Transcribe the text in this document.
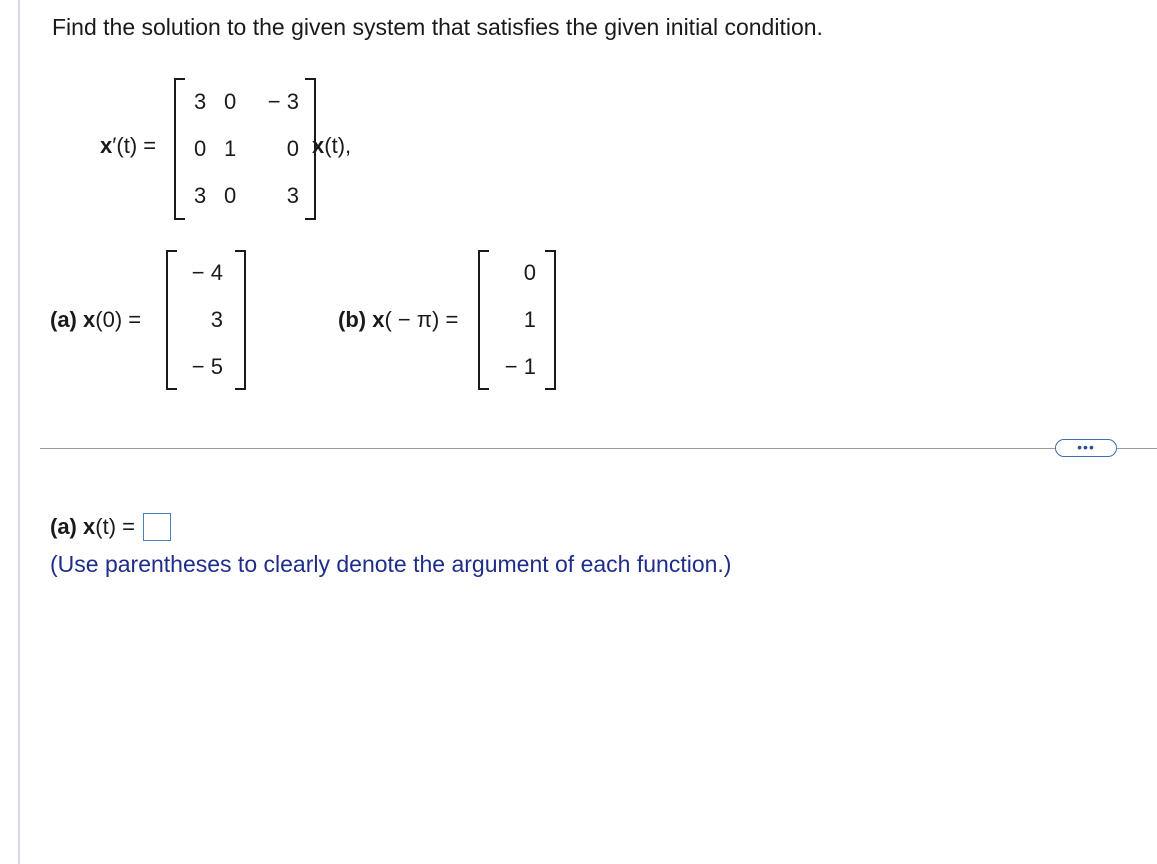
Find the solution to the given system that satisfies the given initial condition.
x′(t) =
3 0	− 3
0 1	0
3 0	3
x(t),
(a) x(0) =
− 4
3
− 5
(b) x( − π) =
0
1
− 1
•••
(a)
x (t) =
(Use parentheses to clearly denote the argument of each function.)
